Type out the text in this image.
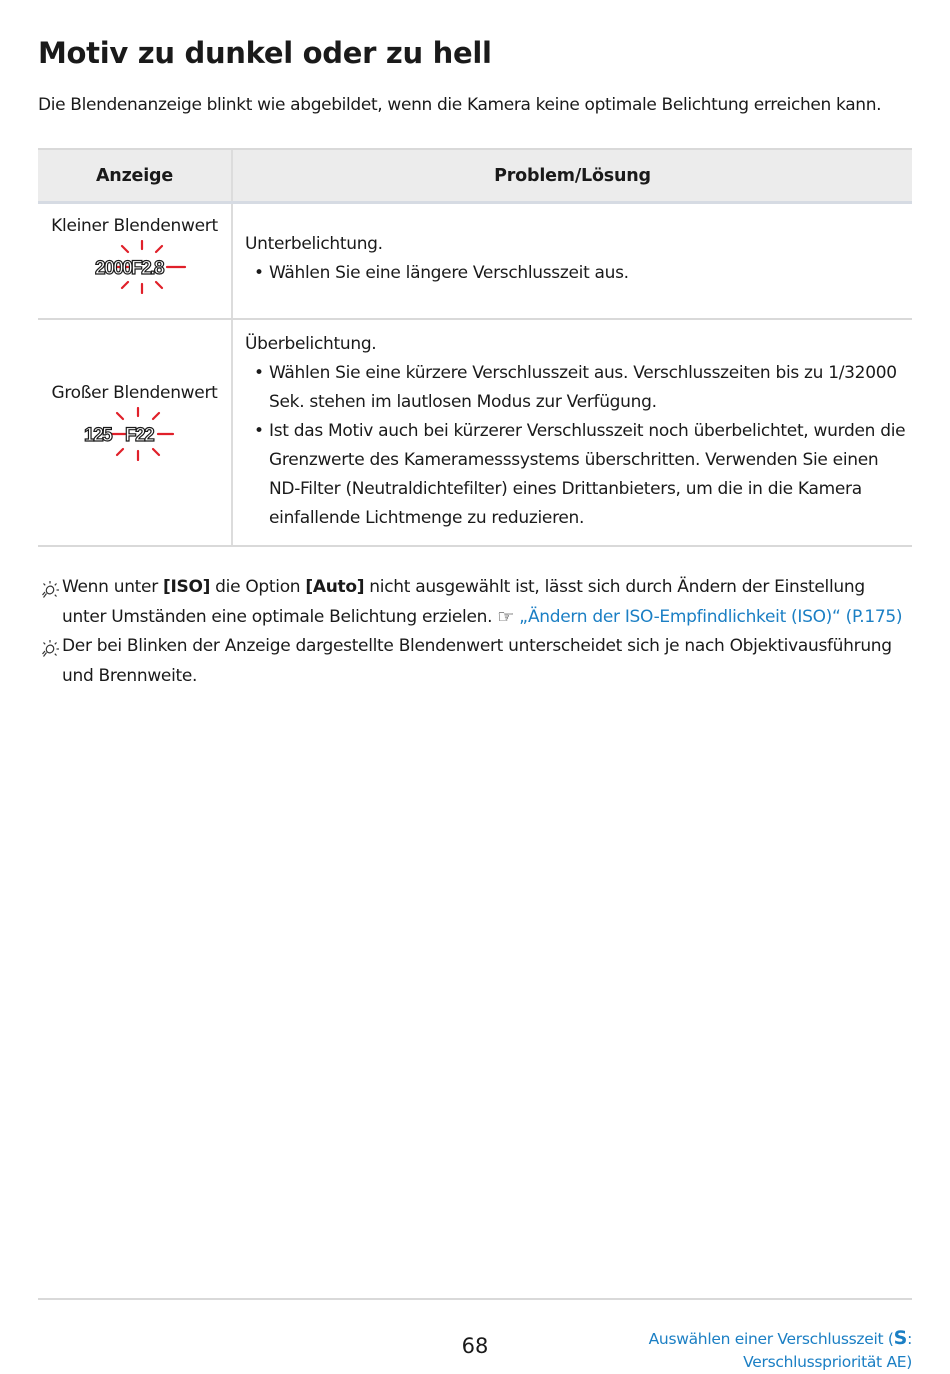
Motiv zu dunkel oder zu hell
Die Blendenanzeige blinkt wie abgebildet, wenn die Kamera keine optimale Belichtung erreichen kann.
Anzeige	Problem/Lösung
Kleiner Blendenwert
2000 F2.8
Unterbelichtung.
• Wählen Sie eine längere Verschlusszeit aus.
Großer Blendenwert
125 F22
Überbelichtung.
• Wählen Sie eine kürzere Verschlusszeit aus. Verschlusszeiten bis zu 1/32000 Sek. stehen im lautlosen Modus zur Verfügung.
• Ist das Motiv auch bei kürzerer Verschlusszeit noch überbelichtet, wurden die Grenzwerte des Kameramesssystems überschritten. Verwenden Sie einen ND-Filter (Neutraldichtefilter) eines Drittanbieters, um die in die Kamera einfallende Lichtmenge zu reduzieren.
Wenn unter [ISO] die Option [Auto] nicht ausgewählt ist, lässt sich durch Ändern der Einstellung unter Umständen eine optimale Belichtung erzielen. ☞ „Ändern der ISO-Empfindlichkeit (ISO)“ (P.175)
Der bei Blinken der Anzeige dargestellte Blendenwert unterscheidet sich je nach Objektivausführung und Brennweite.
68	Auswählen einer Verschlusszeit (S:
Verschlusspriorität AE)
